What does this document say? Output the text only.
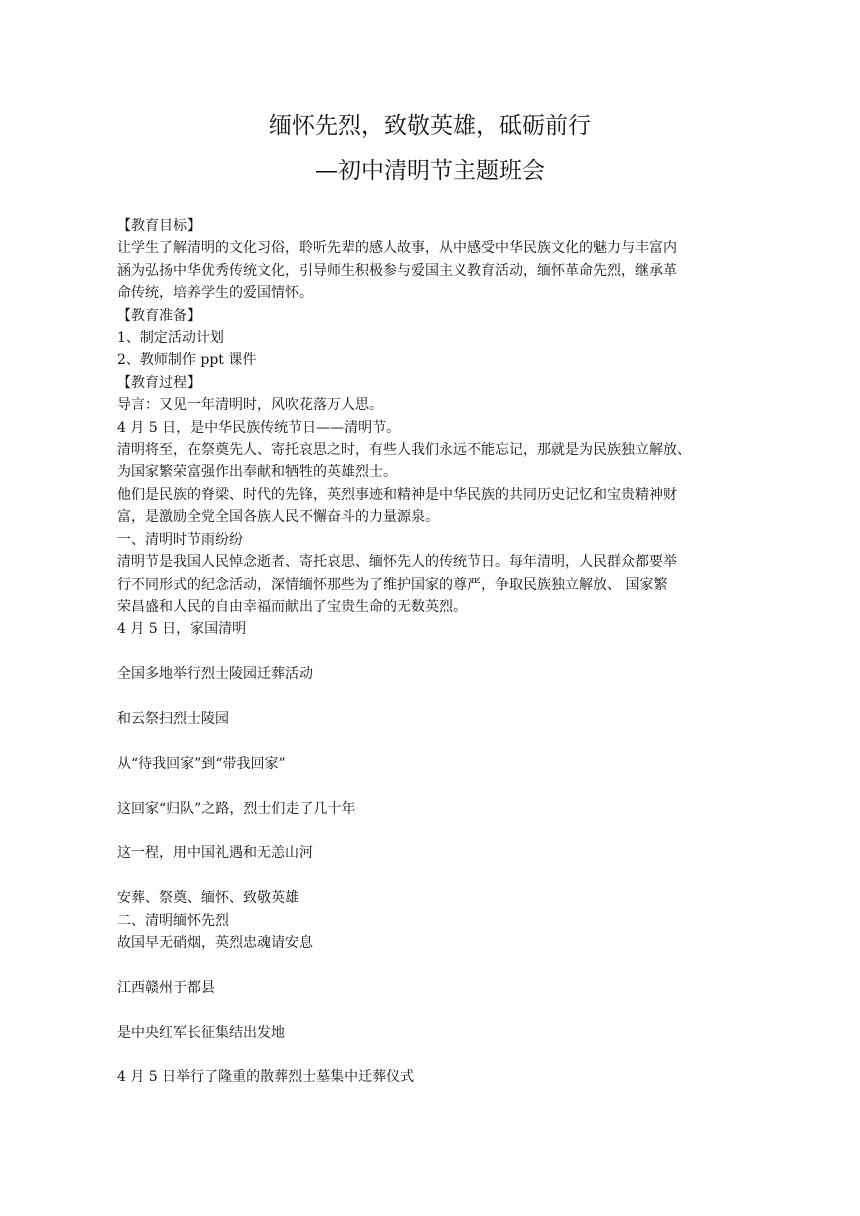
缅怀先烈，致敬英雄，砥砺前行
—初中清明节主题班会
【教育目标】
让学生了解清明的文化习俗，聆听先辈的感人故事，从中感受中华民族文化的魅力与丰富内
涵为弘扬中华优秀传统文化，引导师生积极参与爱国主义教育活动，缅怀革命先烈，继承革
命传统，培养学生的爱国情怀。
【教育准备】
1、制定活动计划
2、教师制作 ppt 课件
【教育过程】
导言：又见一年清明时，风吹花落万人思。
4 月 5 日，是中华民族传统节日——清明节。
清明将至，在祭奠先人、寄托哀思之时，有些人我们永远不能忘记，那就是为民族独立解放、
为国家繁荣富强作出奉献和牺牲的英雄烈士。
他们是民族的脊梁、时代的先锋，英烈事迹和精神是中华民族的共同历史记忆和宝贵精神财
富，是激励全党全国各族人民不懈奋斗的力量源泉。
一、清明时节雨纷纷
清明节是我国人民悼念逝者、寄托哀思、缅怀先人的传统节日。每年清明，人民群众都要举
行不同形式的纪念活动，深情缅怀那些为了维护国家的尊严，争取民族独立解放、 国家繁
荣昌盛和人民的自由幸福而献出了宝贵生命的无数英烈。
4 月 5 日，家国清明
全国多地举行烈士陵园迁葬活动
和云祭扫烈士陵园
从“待我回家”到“带我回家”
这回家“归队”之路，烈士们走了几十年
这一程，用中国礼遇和无恙山河
安葬、祭奠、缅怀、致敬英雄
二、清明缅怀先烈
故国早无硝烟，英烈忠魂请安息
江西赣州于都县
是中央红军长征集结出发地
4 月 5 日举行了隆重的散葬烈士墓集中迁葬仪式
